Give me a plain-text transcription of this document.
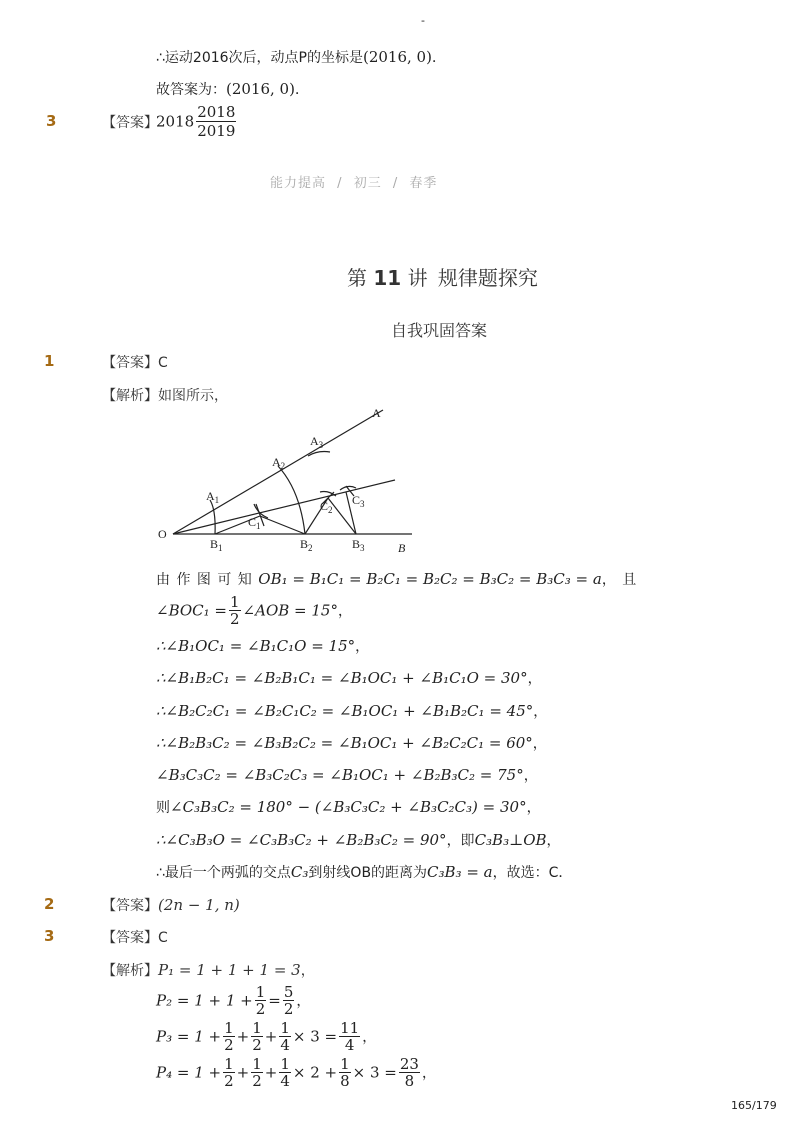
-
∴运动2016次后，动点P的坐标是(2016, 0)．
故答案为：(2016, 0)．
3	【答案】
$2018 \frac{2018}{2019}$
能力提高 / 初三 / 春季
第 11 讲 规律题探究
自我巩固答案
1	【答案】C
【解析】如图所示，
O
A
$A_1$
$A_2$
$A_3$
$B_1$	$B_2$	$B_3$	B
$C_1$
$C_2$
$C_3$
由 作 图 可 知 OB₁ = B₁C₁ = B₂C₁ = B₂C₂ = B₃C₂ = B₃C₃ = a， 且
∠BOC₁ = $\frac{1}{2}$ ∠AOB = 15°，
∴∠B₁OC₁ = ∠B₁C₁O = 15°，
∴∠B₁B₂C₁ = ∠B₂B₁C₁ = ∠B₁OC₁ + ∠B₁C₁O = 30°，
∴∠B₂C₂C₁ = ∠B₂C₁C₂ = ∠B₁OC₁ + ∠B₁B₂C₁ = 45°，
∴∠B₂B₃C₂ = ∠B₃B₂C₂ = ∠B₁OC₁ + ∠B₂C₂C₁ = 60°，
∠B₃C₃C₂ = ∠B₃C₂C₃ = ∠B₁OC₁ + ∠B₂B₃C₂ = 75°，
则∠C₃B₃C₂ = 180° − (∠B₃C₃C₂ + ∠B₃C₂C₃) = 30°，
∴∠C₃B₃O = ∠C₃B₃C₂ + ∠B₂B₃C₂ = 90°，即C₃B₃⊥OB，
∴最后一个两弧的交点C₃到射线OB的距离为C₃B₃ = a，故选：C．
2	【答案】(2n − 1, n)
3	【答案】C
【解析】P₁ = 1 + 1 + 1 = 3，
$P_2 = 1 + 1 + \frac{1}{2} = \frac{5}{2}$ ，
$P_3 = 1 + \frac{1}{2} + \frac{1}{2} + \frac{1}{4} \times 3 = \frac{11}{4}$ ，
$P_4 = 1 + \frac{1}{2} + \frac{1}{2} + \frac{1}{4} \times 2 + \frac{1}{8} \times 3 = \frac{23}{8}$ ，
165/179
